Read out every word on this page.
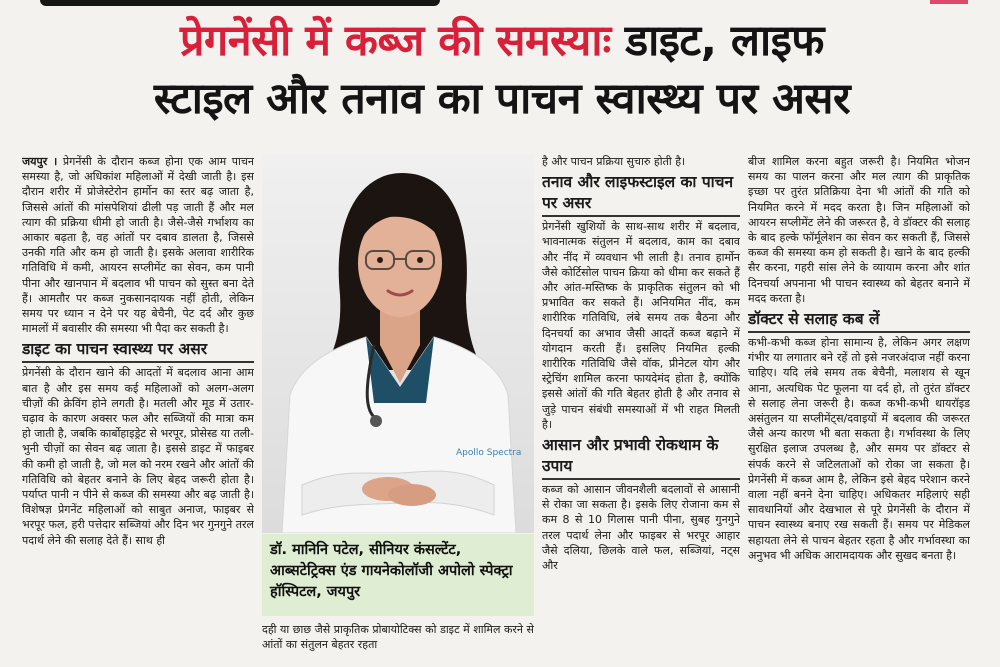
प्रेगनेंसी में कब्ज की समस्याः डाइट, लाइफ
स्टाइल और तनाव का पाचन स्वास्थ्य पर असर

जयपुर । प्रेगनेंसी के दौरान कब्ज होना एक आम पाचन समस्या है, जो अधिकांश महिलाओं में देखी जाती है। इस दौरान शरीर में प्रोजेस्टेरोन हार्मोन का स्तर बढ़ जाता है, जिससे आंतों की मांसपेशियां ढीली पड़ जाती हैं और मल त्याग की प्रक्रिया धीमी हो जाती है। जैसे-जैसे गर्भाशय का आकार बढ़ता है, वह आंतों पर दबाव डालता है, जिससे उनकी गति और कम हो जाती है। इसके अलावा शारीरिक गतिविधि में कमी, आयरन सप्लीमेंट का सेवन, कम पानी पीना और खानपान में बदलाव भी पाचन को सुस्त बना देते हैं। आमतौर पर कब्ज नुकसानदायक नहीं होती, लेकिन समय पर ध्यान न देने पर यह बेचैनी, पेट दर्द और कुछ मामलों में बवासीर की समस्या भी पैदा कर सकती है।

डाइट का पाचन स्वास्थ्य पर असर

प्रेगनेंसी के दौरान खाने की आदतों में बदलाव आना आम बात है और इस समय कई महिलाओं को अलग-अलग चीज़ों की क्रेविंग होने लगती है। मतली और मूड में उतार-चढ़ाव के कारण अक्सर फल और सब्जियों की मात्रा कम हो जाती है, जबकि कार्बोहाइड्रेट से भरपूर, प्रोसेस्ड या तली-भुनी चीज़ों का सेवन बढ़ जाता है। इससे डाइट में फाइबर की कमी हो जाती है, जो मल को नरम रखने और आंतों की गतिविधि को बेहतर बनाने के लिए बेहद जरूरी होता है। पर्याप्त पानी न पीने से कब्ज की समस्या और बढ़ जाती है। विशेषज्ञ प्रेगनेंट महिलाओं को साबुत अनाज, फाइबर से भरपूर फल, हरी पत्तेदार सब्जियां और दिन भर गुनगुने तरल पदार्थ लेने की सलाह देते हैं। साथ ही

Apollo Spectra
डॉ. मानिनि पटेल, सीनियर कंसल्टेंट, आब्सटेट्रिक्स एंड गायनेकोलॉजी अपोलो स्पेक्ट्रा हॉस्पिटल, जयपुर
दही या छाछ जैसे प्राकृतिक प्रोबायोटिक्स को डाइट में शामिल करने से आंतों का संतुलन बेहतर रहता

है और पाचन प्रक्रिया सुचारु होती है।

तनाव और लाइफस्टाइल का पाचन पर असर

प्रेगनेंसी खुशियों के साथ-साथ शरीर में बदलाव, भावनात्मक संतुलन में बदलाव, काम का दबाव और नींद में व्यवधान भी लाती है। तनाव हार्मोन जैसे कोर्टिसोल पाचन क्रिया को धीमा कर सकते हैं और आंत-मस्तिष्क के प्राकृतिक संतुलन को भी प्रभावित कर सकते हैं। अनियमित नींद, कम शारीरिक गतिविधि, लंबे समय तक बैठना और दिनचर्या का अभाव जैसी आदतें कब्ज बढ़ाने में योगदान करती हैं। इसलिए नियमित हल्की शारीरिक गतिविधि जैसे वॉक, प्रीनेटल योग और स्ट्रेचिंग शामिल करना फायदेमंद होता है, क्योंकि इससे आंतों की गति बेहतर होती है और तनाव से जुड़े पाचन संबंधी समस्याओं में भी राहत मिलती है।

आसान और प्रभावी रोकथाम के उपाय

कब्ज को आसान जीवनशैली बदलावों से आसानी से रोका जा सकता है। इसके लिए रोजाना कम से कम 8 से 10 गिलास पानी पीना, सुबह गुनगुने तरल पदार्थ लेना और फाइबर से भरपूर आहार जैसे दलिया, छिलके वाले फल, सब्जियां, नट्स और

बीज शामिल करना बहुत जरूरी है। नियमित भोजन समय का पालन करना और मल त्याग की प्राकृतिक इच्छा पर तुरंत प्रतिक्रिया देना भी आंतों की गति को नियमित करने में मदद करता है। जिन महिलाओं को आयरन सप्लीमेंट लेने की जरूरत है, वे डॉक्टर की सलाह के बाद हल्के फॉर्मूलेशन का सेवन कर सकती हैं, जिससे कब्ज की समस्या कम हो सकती है। खाने के बाद हल्की सैर करना, गहरी सांस लेने के व्यायाम करना और शांत दिनचर्या अपनाना भी पाचन स्वास्थ्य को बेहतर बनाने में मदद करता है।

डॉक्टर से सलाह कब लें

कभी-कभी कब्ज होना सामान्य है, लेकिन अगर लक्षण गंभीर या लगातार बने रहें तो इसे नजरअंदाज नहीं करना चाहिए। यदि लंबे समय तक बेचैनी, मलाशय से खून आना, अत्यधिक पेट फूलना या दर्द हो, तो तुरंत डॉक्टर से सलाह लेना जरूरी है। कब्ज कभी-कभी थायरॉइड असंतुलन या सप्लीमेंट्स/दवाइयों में बदलाव की जरूरत जैसे अन्य कारण भी बता सकता है। गर्भावस्था के लिए सुरक्षित इलाज उपलब्ध है, और समय पर डॉक्टर से संपर्क करने से जटिलताओं को रोका जा सकता है। प्रेगनेंसी में कब्ज आम है, लेकिन इसे बेहद परेशान करने वाला नहीं बनने देना चाहिए। अधिकतर महिलाएं सही सावधानियों और देखभाल से पूरे प्रेगनेंसी के दौरान में पाचन स्वास्थ्य बनाए रख सकती हैं। समय पर मेडिकल सहायता लेने से पाचन बेहतर रहता है और गर्भावस्था का अनुभव भी अधिक आरामदायक और सुखद बनता है।
